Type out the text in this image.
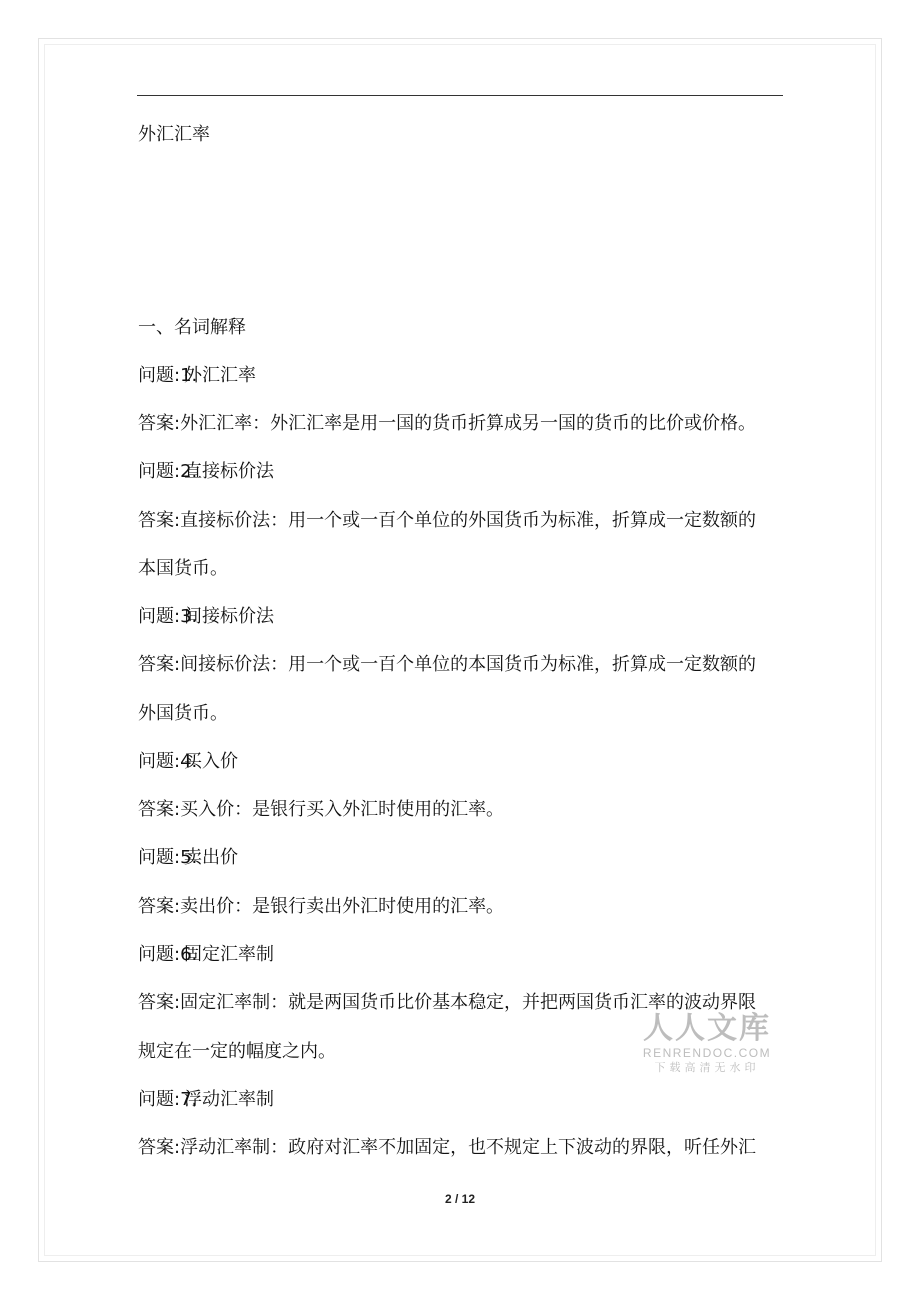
外汇汇率
一、名词解释
问题:1.外汇汇率
答案:外汇汇率：外汇汇率是用一国的货币折算成另一国的货币的比价或价格。
问题:2.直接标价法
答案:直接标价法：用一个或一百个单位的外国货币为标准，折算成一定数额的
本国货币。
问题:3.间接标价法
答案:间接标价法：用一个或一百个单位的本国货币为标准，折算成一定数额的
外国货币。
问题:4.买入价
答案:买入价：是银行买入外汇时使用的汇率。
问题:5.卖出价
答案:卖出价：是银行卖出外汇时使用的汇率。
问题:6.固定汇率制
答案:固定汇率制：就是两国货币比价基本稳定，并把两国货币汇率的波动界限
规定在一定的幅度之内。
问题:7.浮动汇率制
答案:浮动汇率制：政府对汇率不加固定，也不规定上下波动的界限，听任外汇
人人文库
RENRENDOC.COM
下载高清无水印
2 / 12
